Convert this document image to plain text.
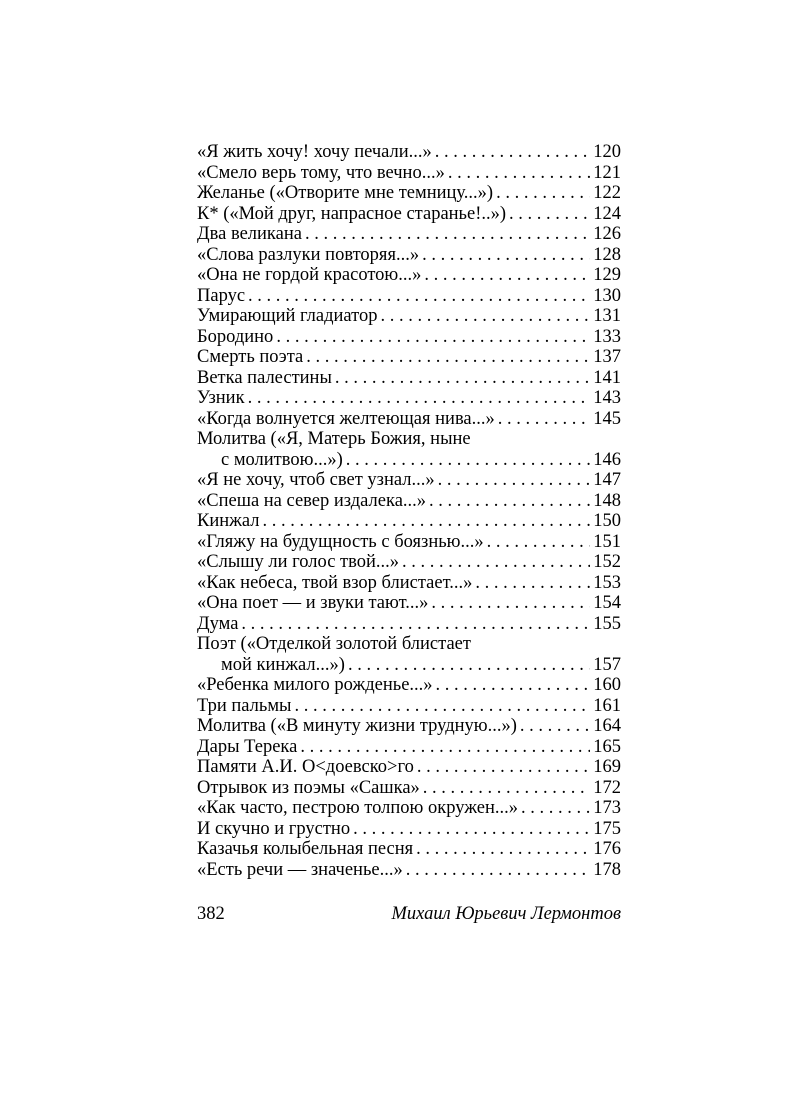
«Я жить хочу! хочу печали...» . . .	120
«Смело верь тому, что вечно...» . . .	121
Желанье («Отворите мне темницу...») . . .	122
К* («Мой друг, напрасное старанье!..») . . .	124
Два великана . . .	126
«Слова разлуки повторяя...» . . .	128
«Она не гордой красотою...» . . .	129
Парус . . .	130
Умирающий гладиатор . . .	131
Бородино . . .	133
Смерть поэта . . .	137
Ветка палестины . . .	141
Узник . . .	143
«Когда волнуется желтеющая нива...» . . .	145
Молитва («Я, Матерь Божия, ныне
с молитвою...») . . .	146
«Я не хочу, чтоб свет узнал...» . . .	147
«Спеша на север издалека...» . . .	148
Кинжал . . .	150
«Гляжу на будущность с боязнью...» . . .	151
«Слышу ли голос твой...» . . .	152
«Как небеса, твой взор блистает...» . . .	153
«Она поет — и звуки тают...» . . .	154
Дума . . .	155
Поэт («Отделкой золотой блистает
мой кинжал...») . . .	157
«Ребенка милого рожденье...» . . .	160
Три пальмы . . .	161
Молитва («В минуту жизни трудную...») . . .	164
Дары Терека . . .	165
Памяти А.И. О<доевско>го . . .	169
Отрывок из поэмы «Сашка» . . .	172
«Как часто, пестрою толпою окружен...» . . .	173
И скучно и грустно . . .	175
Казачья колыбельная песня . . .	176
«Есть речи — значенье...» . . .	178
382	Михаил Юрьевич Лермонтов
